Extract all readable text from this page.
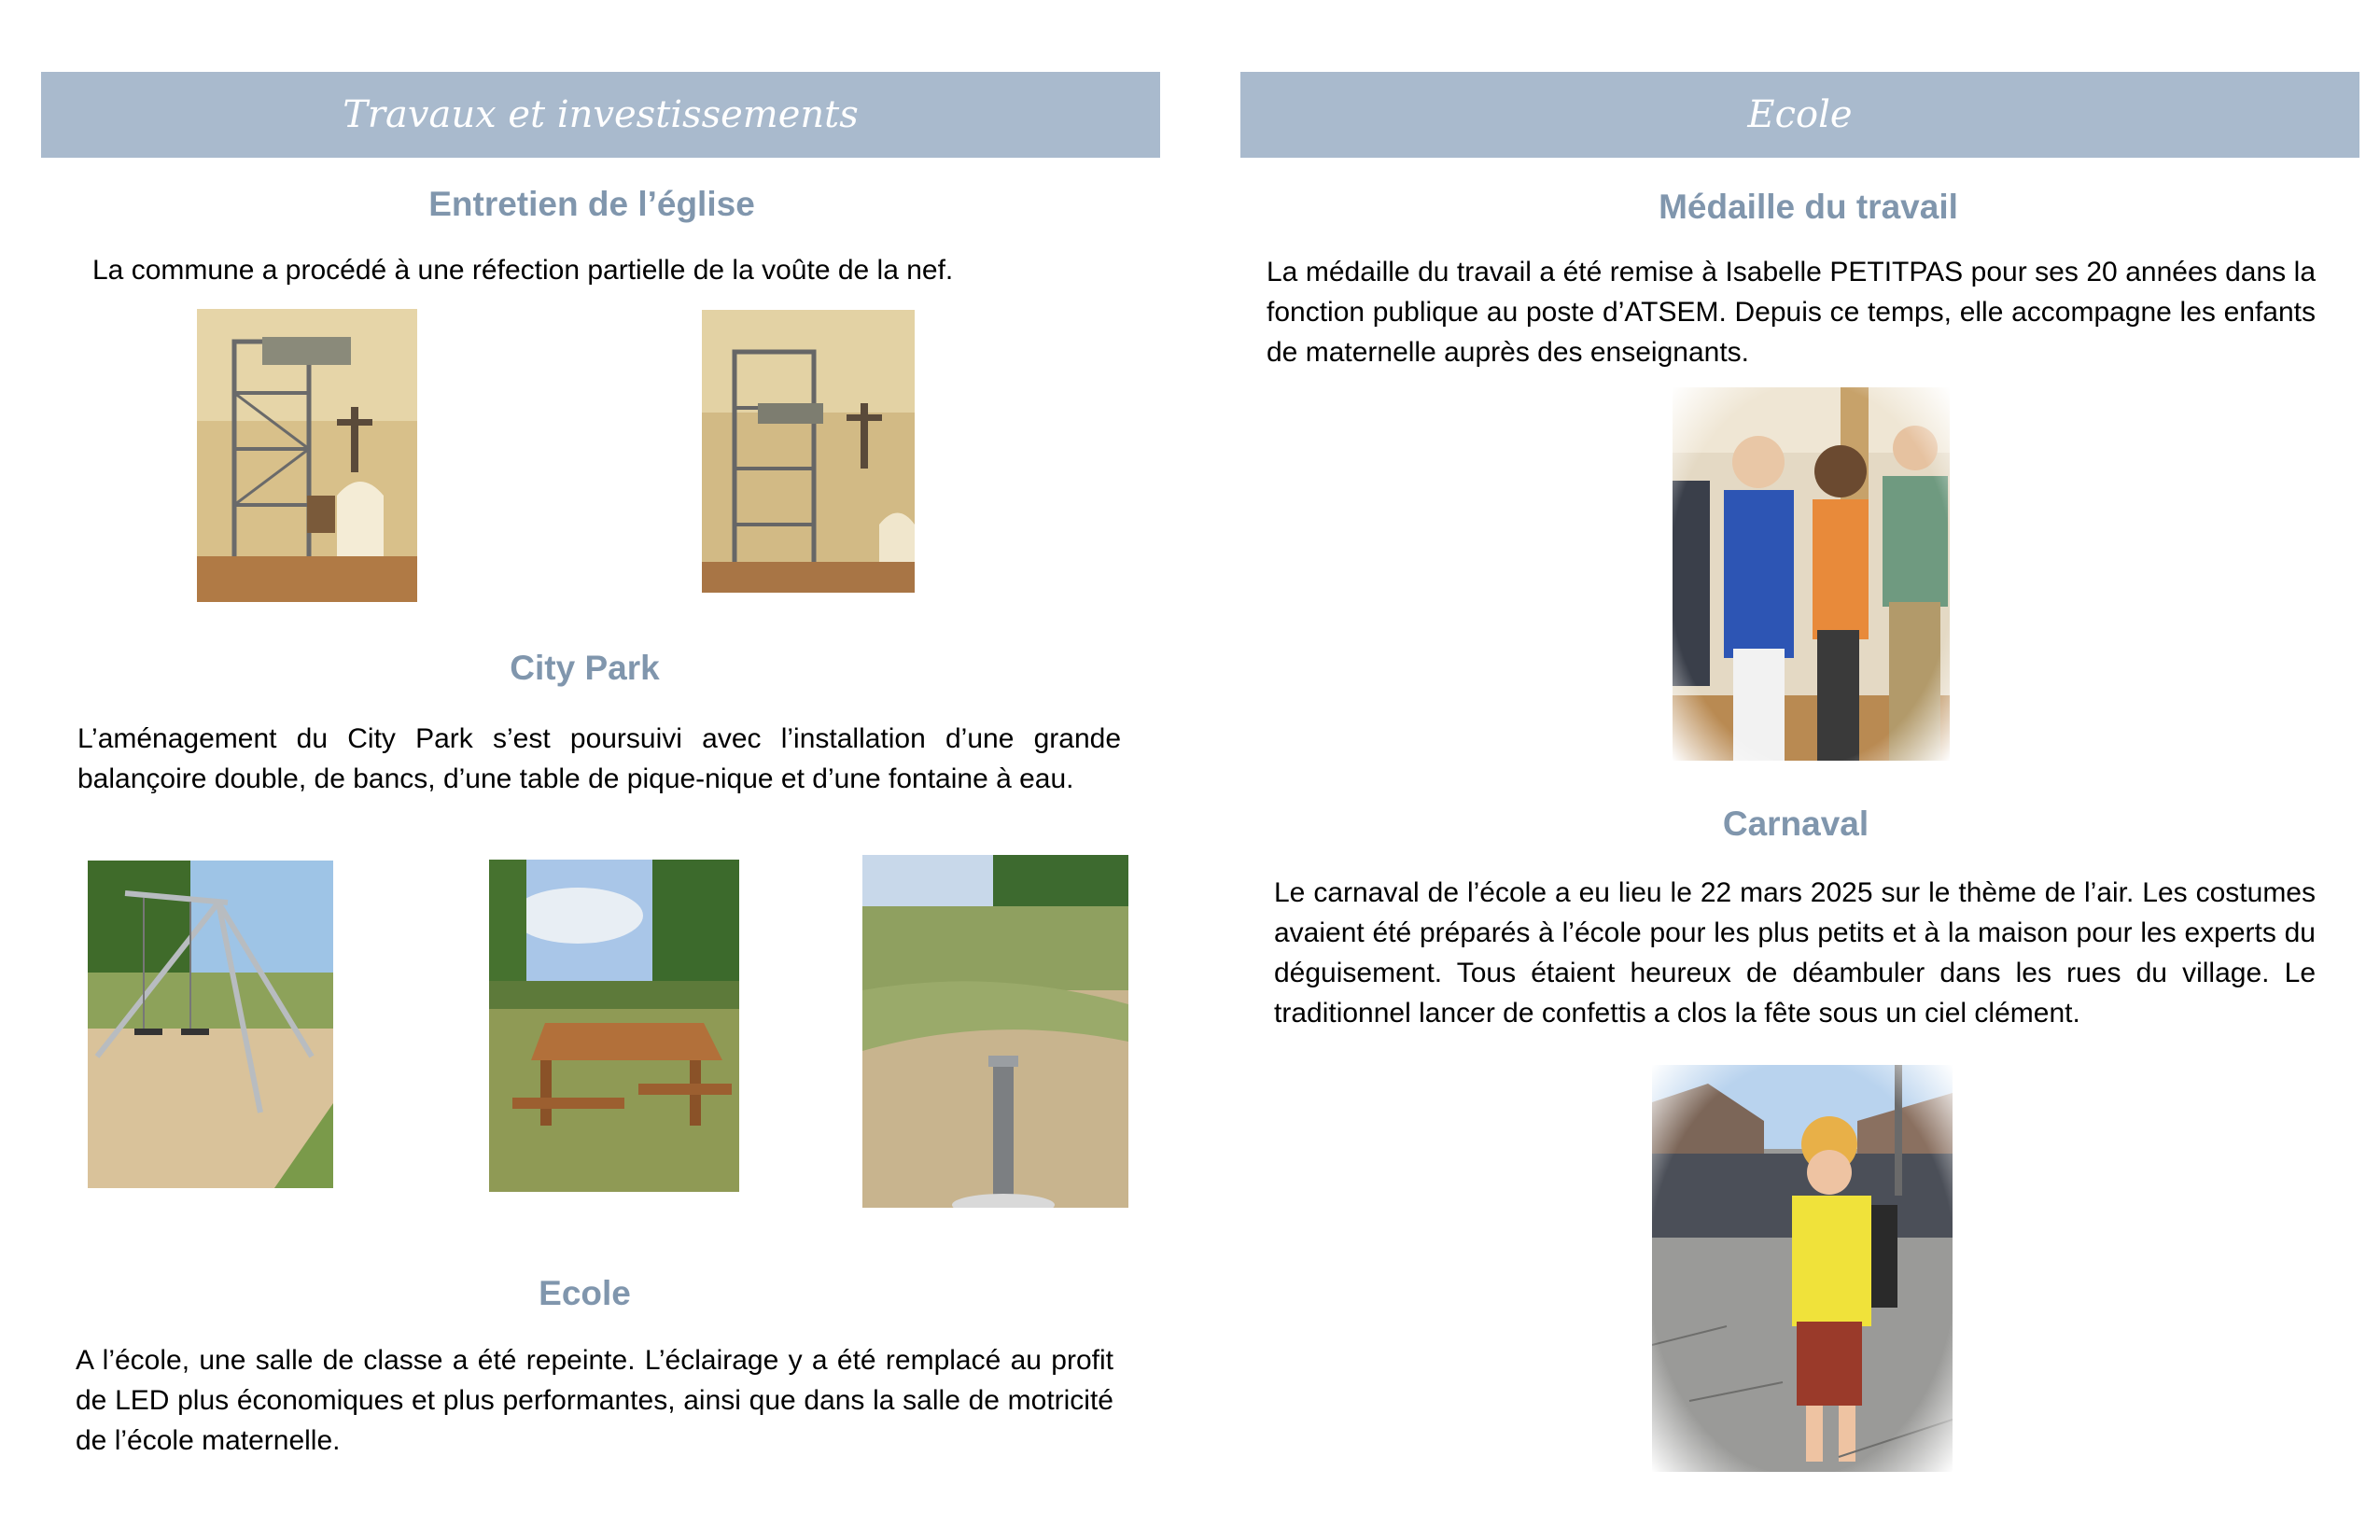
Travaux et investissements
Entretien de l’église
La commune a procédé à une réfection partielle de la voûte de la nef.
City Park
L’aménagement du City Park s’est poursuivi avec l’installation d’une grande balançoire double, de bancs, d’une table de pique-nique et d’une fontaine à eau.
Ecole
A l’école, une salle de classe a été repeinte. L’éclairage y a été remplacé au profit de LED plus économiques et plus performantes, ainsi que dans la salle de motricité de l’école maternelle.
Ecole
Médaille du travail
La médaille du travail a été remise à Isabelle PETITPAS pour ses 20 années dans la fonction publique au poste d’ATSEM. Depuis ce temps, elle accompagne les enfants de maternelle auprès des enseignants.
Carnaval
Le carnaval de l’école a eu lieu le 22 mars 2025 sur le thème de l’air. Les costumes avaient été préparés à l’école pour les plus petits et à la maison pour les experts du déguisement. Tous étaient heureux de déambuler dans les rues du village. Le traditionnel lancer de confettis a clos la fête sous un ciel clément.
